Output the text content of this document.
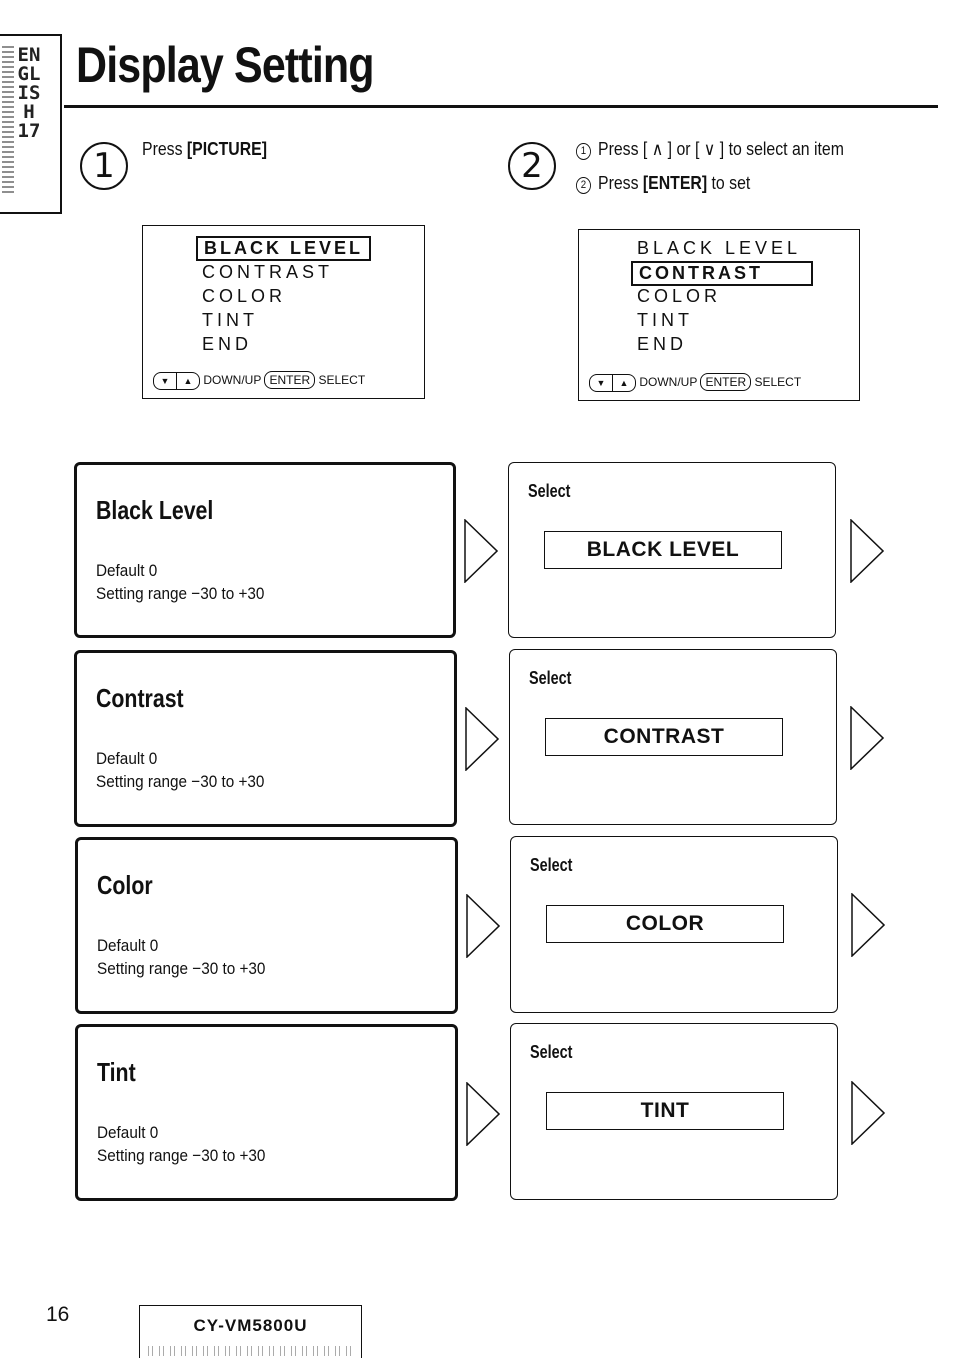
ENGLISH 17
Display Setting
1	Press [PICTURE]	2	1 Press [ ∧ ] or [ ∨ ] to select an item
2 Press [ENTER] to set
BLACK LEVEL
CONTRAST
COLOR
TINT
END
▼ ▲ DOWN/UP ENTER SELECT
BLACK LEVEL
CONTRAST
COLOR
TINT
END
▼ ▲ DOWN/UP ENTER SELECT
Black Level
Default 0
Setting range −30 to +30
Select
BLACK LEVEL
Contrast
Default 0
Setting range −30 to +30
Select
CONTRAST
Color
Default 0
Setting range −30 to +30
Select
COLOR
Tint
Default 0
Setting range −30 to +30
Select
TINT
16	CY-VM5800U
